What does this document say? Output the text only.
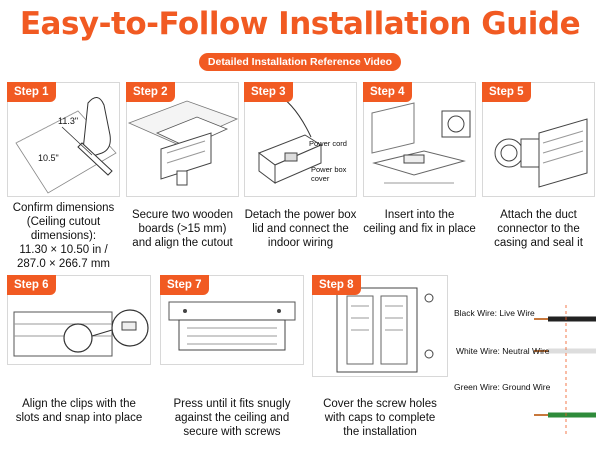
Easy-to-Follow Installation Guide
Detailed Installation Reference Video
11.3"
10.5"
Step 1
Confirm dimensions
(Ceiling cutout
dimensions):
11.30 × 10.50 in /
287.0 × 266.7 mm
Step 2
Secure two wooden
boards (>15 mm)
and align the cutout
Power cord
Power box
cover
Step 3
Detach the power box
lid and connect the
indoor wiring
Step 4
Insert into the
ceiling and fix in place
Step 5
Attach the duct
connector to the
casing and seal it
Step 6
Align the clips with the
slots and snap into place
Step 7
Press until it fits snugly
against the ceiling and
secure with screws
Step 8
Cover the screw holes
with caps to complete
the installation
Black Wire: Live Wire
White Wire: Neutral Wire
Green Wire: Ground Wire
